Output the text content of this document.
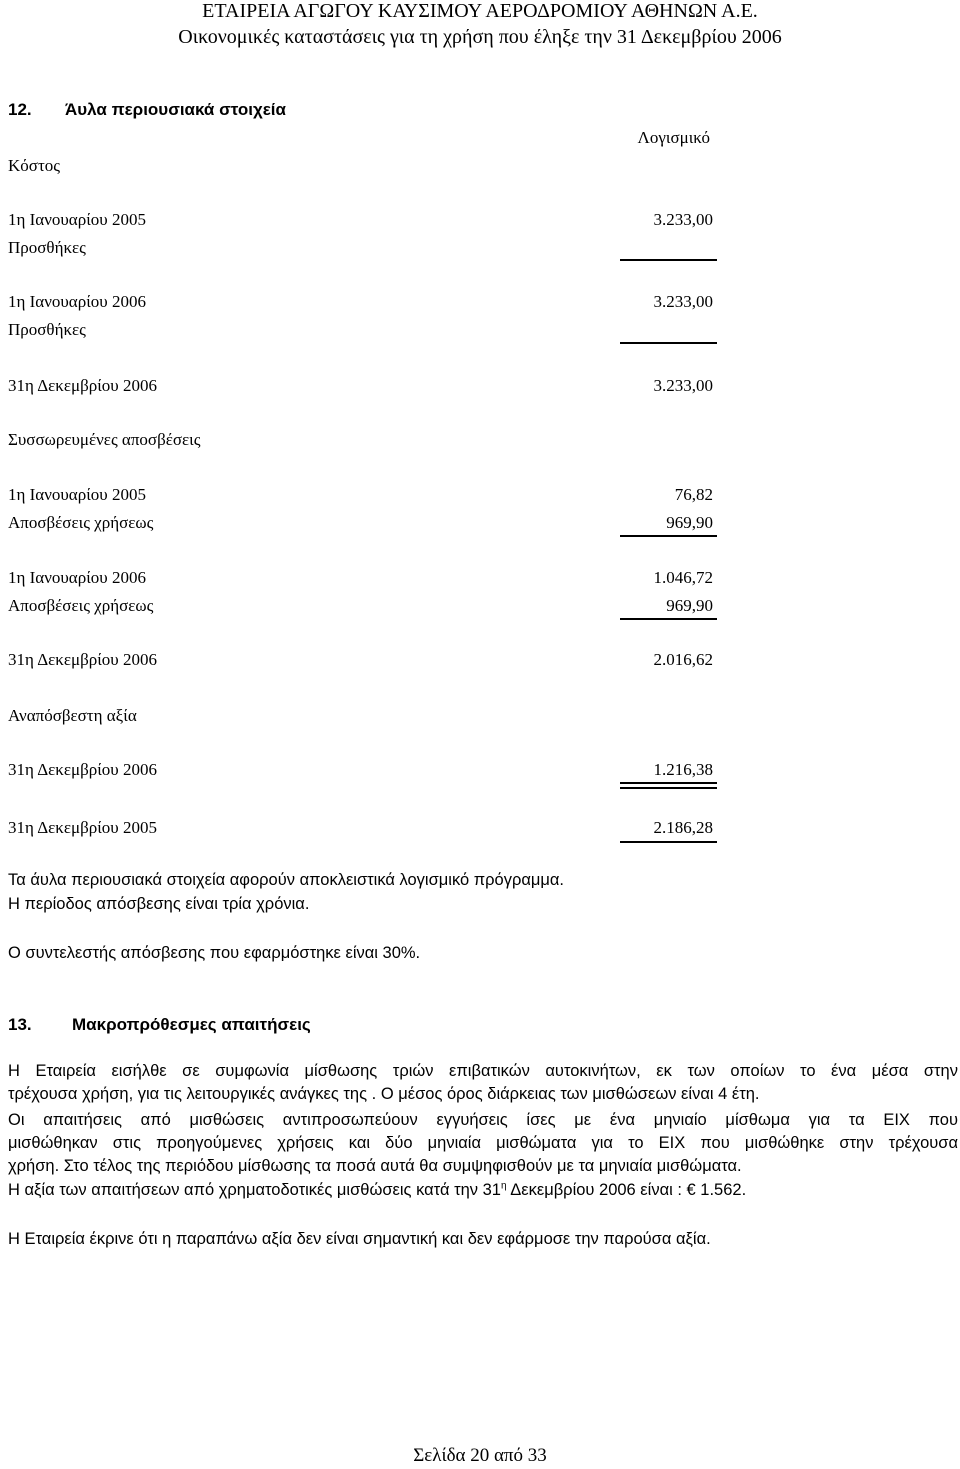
ΕΤΑΙΡΕΙΑ ΑΓΩΓΟΥ ΚΑΥΣΙΜΟΥ ΑΕΡΟΔΡΟΜΙΟΥ ΑΘΗΝΩΝ Α.Ε.
Οικονομικές καταστάσεις για τη χρήση που έληξε την 31 Δεκεμβρίου 2006
12. Άυλα περιουσιακά στοιχεία
Λογισμικό
Κόστος
1η Ιανουαρίου 2005	3.233,00
Προσθήκες
1η Ιανουαρίου 2006	3.233,00
Προσθήκες
31η Δεκεμβρίου 2006	3.233,00
Συσσωρευμένες αποσβέσεις
1η Ιανουαρίου 2005	76,82
Αποσβέσεις χρήσεως	969,90
1η Ιανουαρίου 2006	1.046,72
Αποσβέσεις χρήσεως	969,90
31η Δεκεμβρίου 2006	2.016,62
Αναπόσβεστη αξία
31η Δεκεμβρίου 2006	1.216,38
31η Δεκεμβρίου 2005	2.186,28
Τα άυλα περιουσιακά στοιχεία αφορούν αποκλειστικά λογισμικό πρόγραμμα.
Η περίοδος απόσβεσης είναι τρία χρόνια.
Ο συντελεστής απόσβεσης που εφαρμόστηκε είναι 30%.
13. Μακροπρόθεσμες απαιτήσεις
Η Εταιρεία εισήλθε σε συμφωνία μίσθωσης τριών επιβατικών αυτοκινήτων, εκ των οποίων το ένα μέσα στην
τρέχουσα χρήση, για τις λειτουργικές ανάγκες της . Ο μέσος όρος διάρκειας των μισθώσεων είναι 4 έτη.
Οι απαιτήσεις από μισθώσεις αντιπροσωπεύουν εγγυήσεις ίσες με ένα μηνιαίο μίσθωμα για τα ΕΙΧ που
μισθώθηκαν στις προηγούμενες χρήσεις και δύο μηνιαία μισθώματα για το ΕΙΧ που μισθώθηκε στην τρέχουσα
χρήση. Στο τέλος της περιόδου μίσθωσης τα ποσά αυτά θα συμψηφισθούν με τα μηνιαία μισθώματα.
Η αξία των απαιτήσεων από χρηματοδοτικές μισθώσεις κατά την $31^\eta$ Δεκεμβρίου 2006 είναι : € 1.562.
Η Εταιρεία έκρινε ότι η παραπάνω αξία δεν είναι σημαντική και δεν εφάρμοσε την παρούσα αξία.
Σελίδα 20 από 33
